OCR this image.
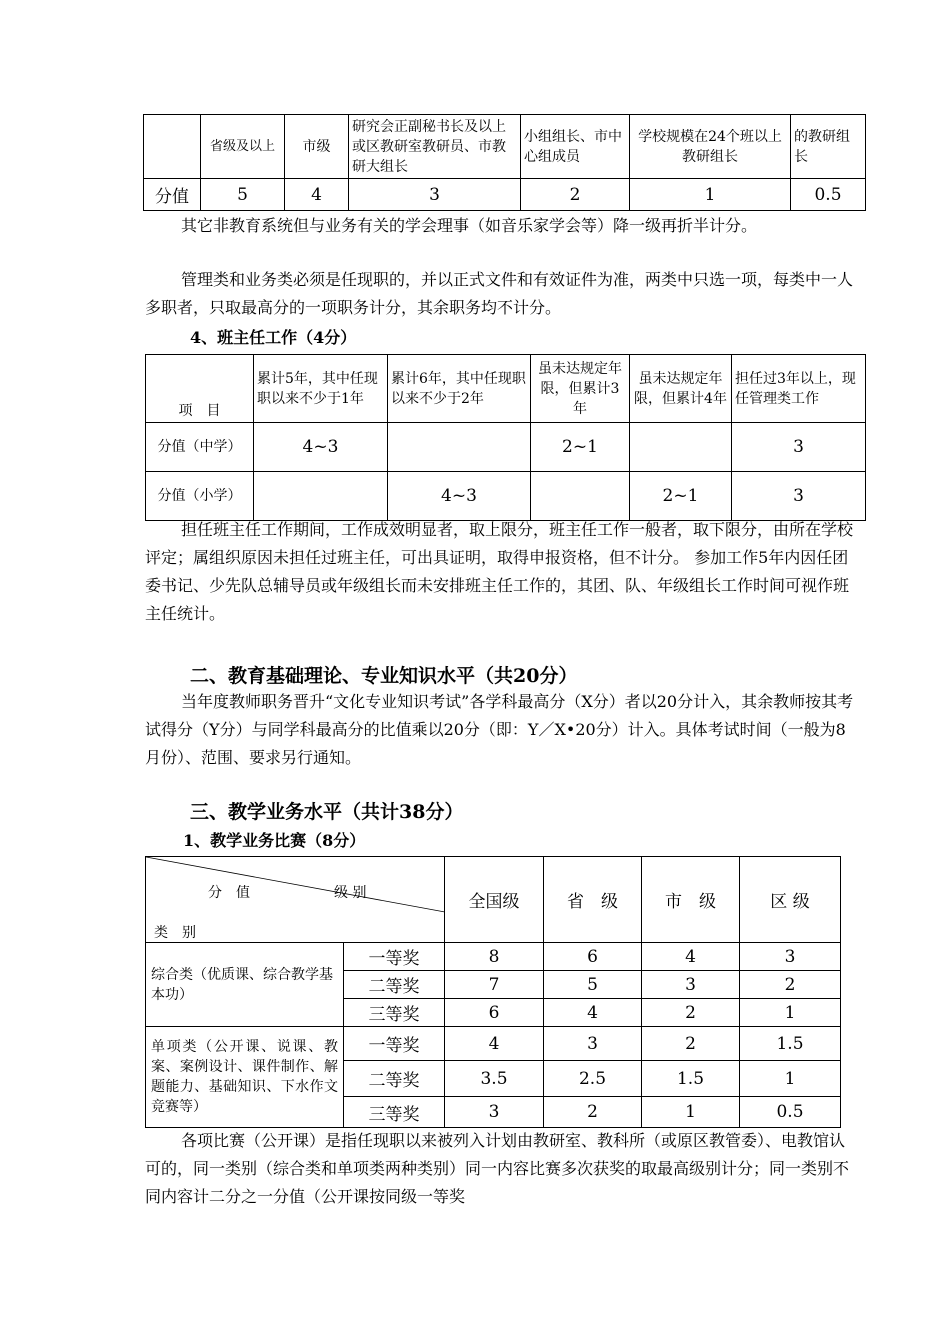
	省级及以上	市级	研究会正副秘书长及以上或区教研室教研员、市教研大组长	小组组长、市中心组成员	学校规模在24个班以上教研组长	的教研组长
分值	5	4	3	2	1	0.5

其它非教育系统但与业务有关的学会理事（如音乐家学会等）降一级再折半计分。

管理类和业务类必须是任现职的，并以正式文件和有效证件为准，两类中只选一项，每类中一人多职者，只取最高分的一项职务计分，其余职务均不计分。

4、班主任工作（4分）

项　目	累计5年，其中任现职以来不少于1年	累计6年，其中任现职以来不少于2年	虽未达规定年限，但累计3年	虽未达规定年限，但累计4年	担任过3年以上，现任管理类工作
分值（中学）	4~3		2~1		3
分值（小学）		4~3		2~1	3

担任班主任工作期间，工作成效明显者，取上限分，班主任工作一般者，取下限分，由所在学校评定；属组织原因未担任过班主任，可出具证明，取得申报资格，但不计分。 参加工作5年内因任团委书记、少先队总辅导员或年级组长而未安排班主任工作的，其团、队、年级组长工作时间可视作班主任统计。

二、教育基础理论、专业知识水平（共20分）

当年度教师职务晋升“文化专业知识考试”各学科最高分（X分）者以20分计入，其余教师按其考试得分（Y分）与同学科最高分的比值乘以20分（即：Y／X•20分）计入。具体考试时间（一般为8月份）、范围、要求另行通知。

三、教学业务水平（共计38分）

1、教学业务比赛（8分）

分　值 级 别
类　别		全国级	省　级	市　级	区 级
综合类（优质课、综合教学基本功）	一等奖	8	6	4	3
	二等奖	7	5	3	2
	三等奖	6	4	2	1
单项类（公开课、说课、教案、案例设计、课件制作、解题能力、基础知识、下水作文竞赛等）	一等奖	4	3	2	1.5
	二等奖	3.5	2.5	1.5	1
	三等奖	3	2	1	0.5

各项比赛（公开课）是指任现职以来被列入计划由教研室、教科所（或原区教管委）、电教馆认可的，同一类别（综合类和单项类两种类别）同一内容比赛多次获奖的取最高级别计分；同一类别不同内容计二分之一分值（公开课按同级一等奖
